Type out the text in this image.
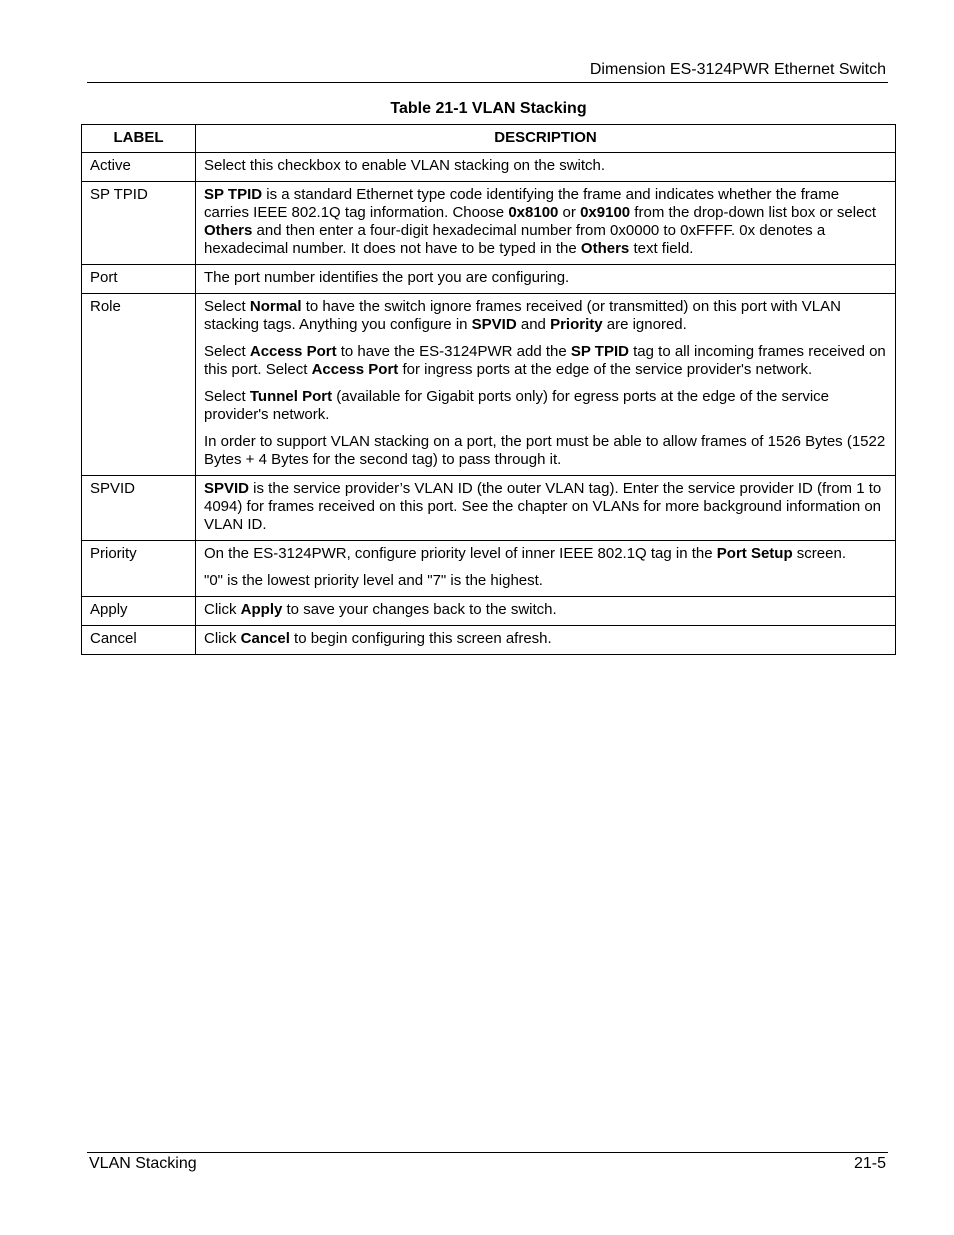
Dimension ES-3124PWR Ethernet Switch
Table 21-1 VLAN Stacking
LABEL	DESCRIPTION
Active	Select this checkbox to enable VLAN stacking on the switch.

SP TPID	SP TPID is a standard Ethernet type code identifying the frame and indicates whether the frame carries IEEE 802.1Q tag information. Choose 0x8100 or 0x9100 from the drop-down list box or select Others and then enter a four-digit hexadecimal number from 0x0000 to 0xFFFF. 0x denotes a hexadecimal number. It does not have to be typed in the Others text field.

Port	The port number identifies the port you are configuring.

Role	Select Normal to have the switch ignore frames received (or transmitted) on this port with VLAN stacking tags. Anything you configure in SPVID and Priority are ignored.

Select Access Port to have the ES-3124PWR add the SP TPID tag to all incoming frames received on this port. Select Access Port for ingress ports at the edge of the service provider's network.

Select Tunnel Port (available for Gigabit ports only) for egress ports at the edge of the service provider's network.

In order to support VLAN stacking on a port, the port must be able to allow frames of 1526 Bytes (1522 Bytes + 4 Bytes for the second tag) to pass through it.

SPVID	SPVID is the service provider’s VLAN ID (the outer VLAN tag). Enter the service provider ID (from 1 to 4094) for frames received on this port. See the chapter on VLANs for more background information on VLAN ID.

Priority	On the ES-3124PWR, configure priority level of inner IEEE 802.1Q tag in the Port Setup screen.

"0" is the lowest priority level and "7" is the highest.

Apply	Click Apply to save your changes back to the switch.

Cancel	Click Cancel to begin configuring this screen afresh.

VLAN Stacking	21-5
